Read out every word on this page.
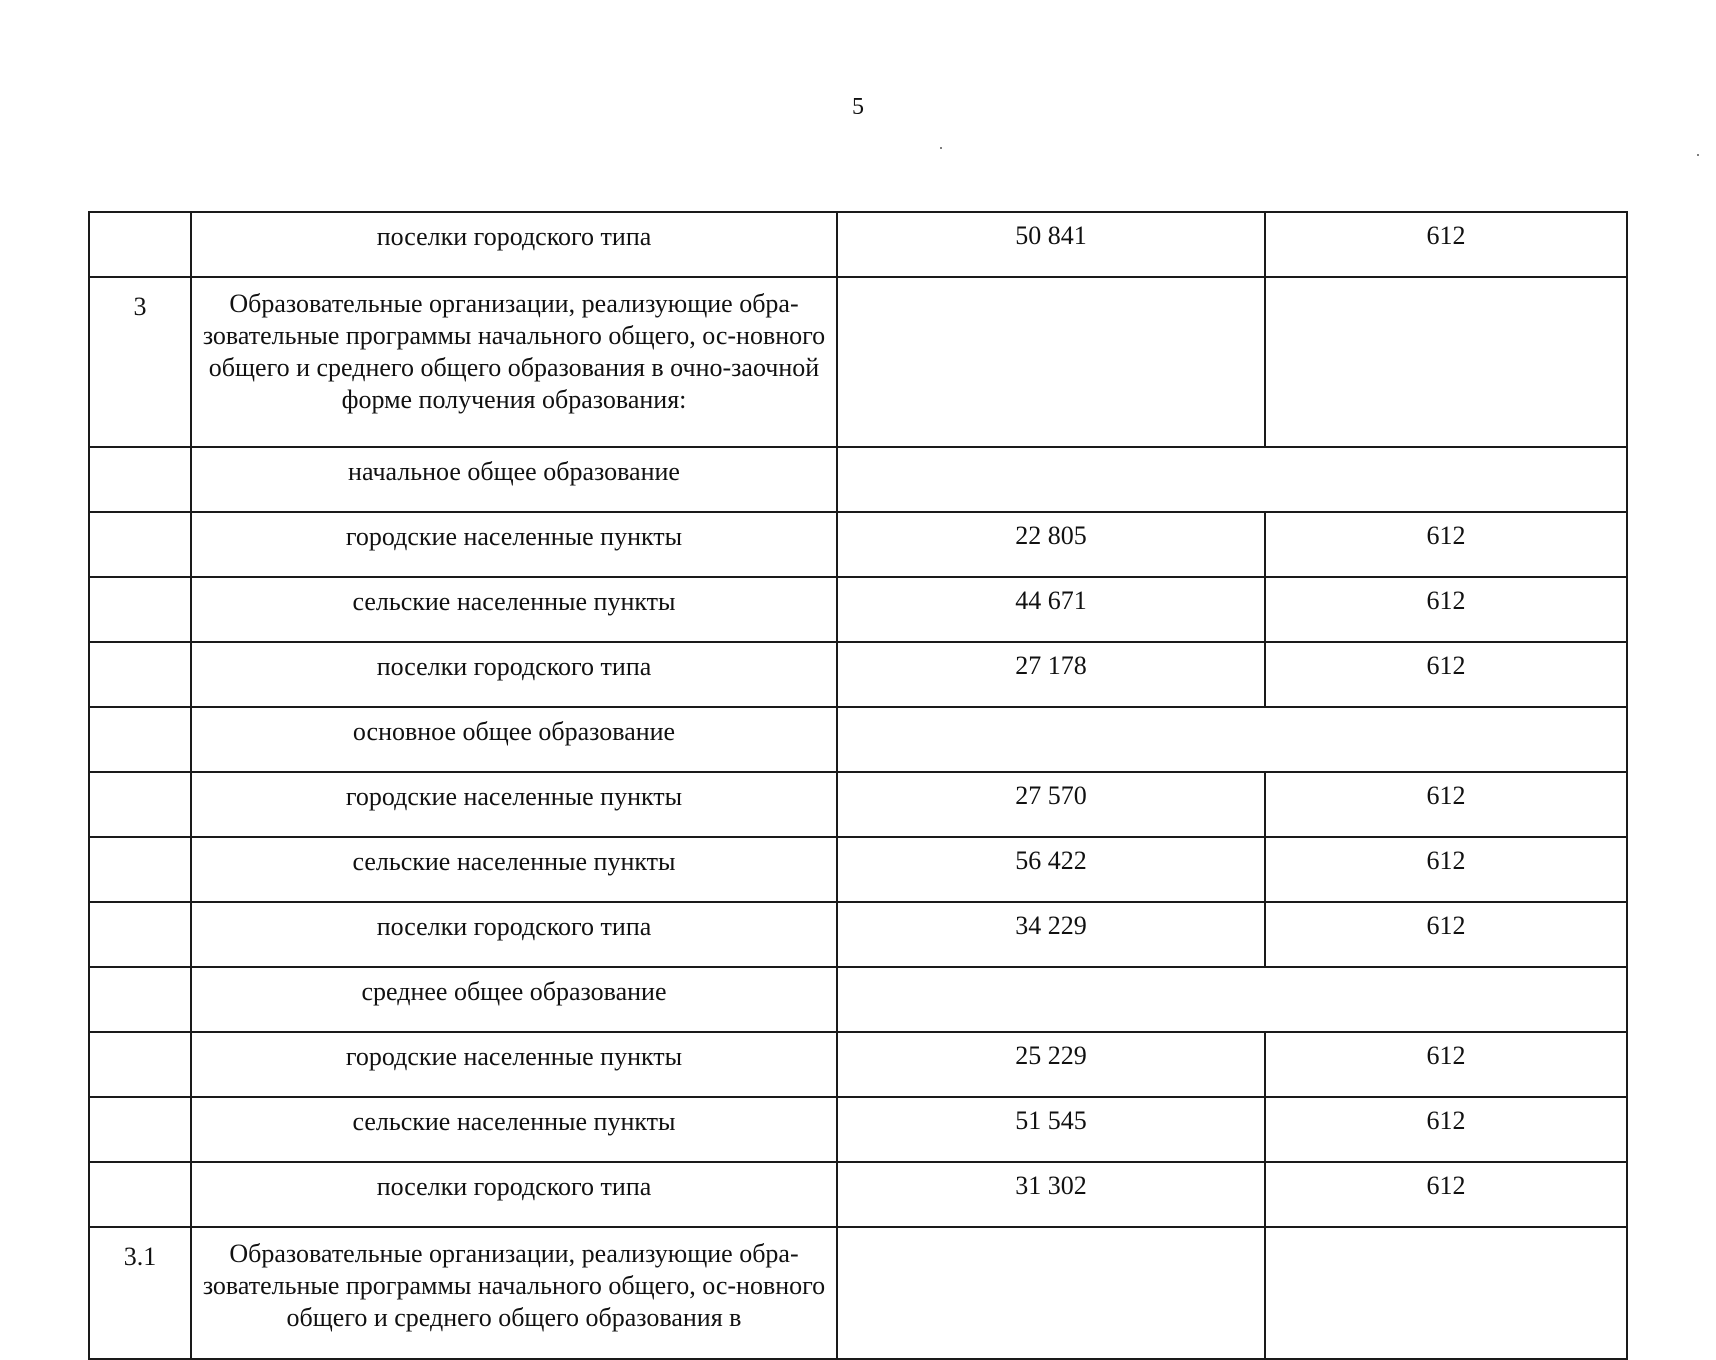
5
	поселки городского типа	50 841	612
3	Образовательные организации, реализующие обра-зовательные программы начального общего, ос-новного общего и среднего общего образования в очно-заочной форме получения образования:		
	начальное общее образование		
	городские населенные пункты	22 805	612
	сельские населенные пункты	44 671	612
	поселки городского типа	27 178	612
	основное общее образование		
	городские населенные пункты	27 570	612
	сельские населенные пункты	56 422	612
	поселки городского типа	34 229	612
	среднее общее образование		
	городские населенные пункты	25 229	612
	сельские населенные пункты	51 545	612
	поселки городского типа	31 302	612
3.1	Образовательные организации, реализующие обра-зовательные программы начального общего, ос-новного общего и среднего общего образования в		
